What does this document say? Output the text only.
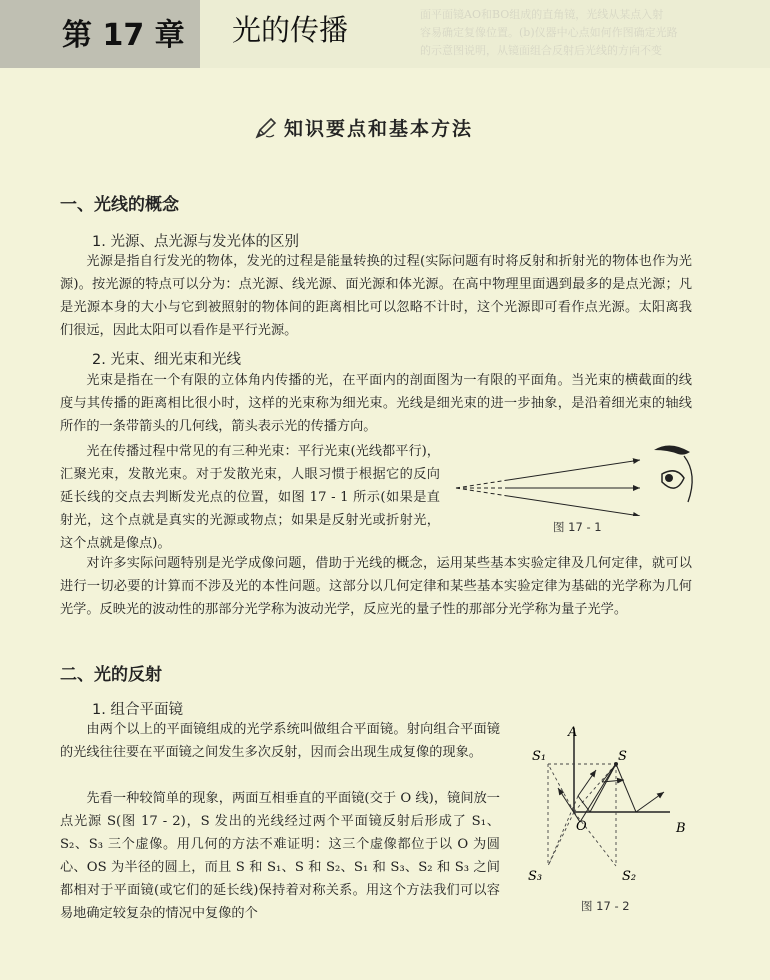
面平面镜AO和BO组成的直角镜，光线从某点入射
容易确定复像位置。(b)仪器中心点如何作图确定光路
的示意图说明，从镜面组合反射后光线的方向不变
第 17 章 光的传播
知识要点和基本方法
一、光线的概念
1. 光源、点光源与发光体的区别

光源是指自行发光的物体，发光的过程是能量转换的过程(实际问题有时将反射和折射光的物体也作为光源)。按光源的特点可以分为：点光源、线光源、面光源和体光源。在高中物理里面遇到最多的是点光源；凡是光源本身的大小与它到被照射的物体间的距离相比可以忽略不计时，这个光源即可看作点光源。太阳离我们很远，因此太阳可以看作是平行光源。

2. 光束、细光束和光线

光束是指在一个有限的立体角内传播的光，在平面内的剖面图为一有限的平面角。当光束的横截面的线度与其传播的距离相比很小时，这样的光束称为细光束。光线是细光束的进一步抽象，是沿着细光束的轴线所作的一条带箭头的几何线，箭头表示光的传播方向。

光在传播过程中常见的有三种光束：平行光束(光线都平行)，汇聚光束，发散光束。对于发散光束，人眼习惯于根据它的反向延长线的交点去判断发光点的位置，如图 17 - 1 所示(如果是直射光，这个点就是真实的光源或物点；如果是反射光或折射光，这个点就是像点)。

图 17 - 1

对许多实际问题特别是光学成像问题，借助于光线的概念，运用某些基本实验定律及几何定律，就可以进行一切必要的计算而不涉及光的本性问题。这部分以几何定律和某些基本实验定律为基础的光学称为几何光学。反映光的波动性的那部分光学称为波动光学，反应光的量子性的那部分光学称为量子光学。

二、光的反射
1. 组合平面镜

由两个以上的平面镜组成的光学系统叫做组合平面镜。射向组合平面镜的光线往往要在平面镜之间发生多次反射，因而会出现生成复像的现象。

先看一种较简单的现象，两面互相垂直的平面镜(交于 O 线)，镜间放一点光源 S(图 17 - 2)，S 发出的光线经过两个平面镜反射后形成了 S₁、S₂、S₃ 三个虚像。用几何的方法不难证明：这三个虚像都位于以 O 为圆心、OS 为半径的圆上，而且 S 和 S₁、S 和 S₂、S₁ 和 S₃、S₂ 和 S₃ 之间都相对于平面镜(或它们的延长线)保持着对称关系。用这个方法我们可以容易地确定较复杂的情况中复像的个

A
B
O
S
S₁
S₂
S₃
图 17 - 2
